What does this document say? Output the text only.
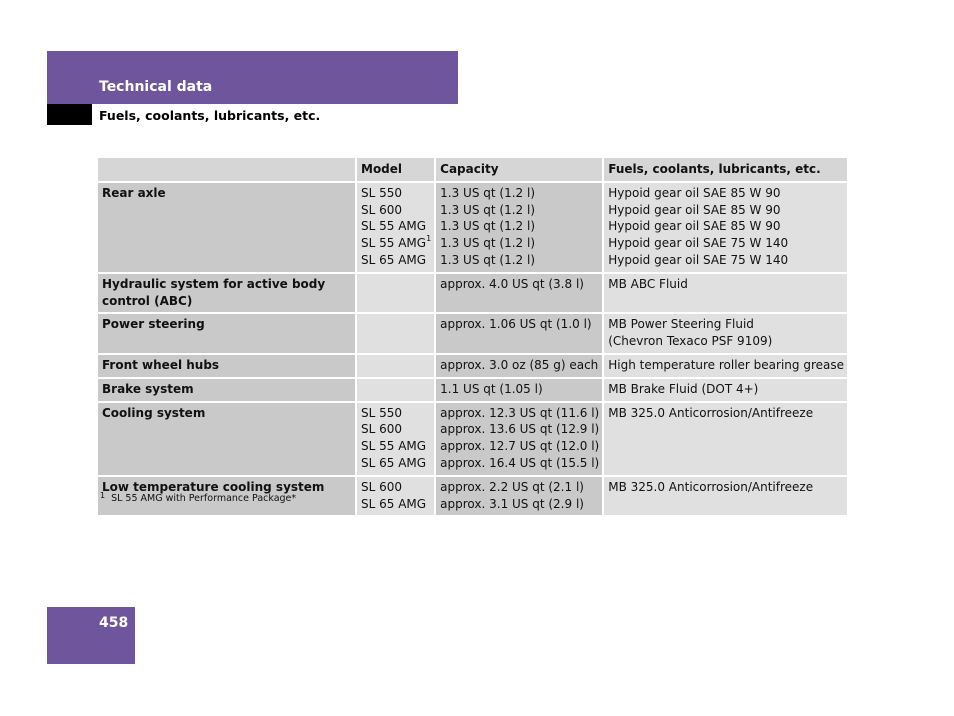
Technical data
Fuels, coolants, lubricants, etc.
	Model	Capacity	Fuels, coolants, lubricants, etc.
Rear axle	SL 550
SL 600
SL 55 AMG
SL 55 AMG$^1$
SL 65 AMG	1.3 US qt (1.2 l)
1.3 US qt (1.2 l)
1.3 US qt (1.2 l)
1.3 US qt (1.2 l)
1.3 US qt (1.2 l)	Hypoid gear oil SAE 85 W 90
Hypoid gear oil SAE 85 W 90
Hypoid gear oil SAE 85 W 90
Hypoid gear oil SAE 75 W 140
Hypoid gear oil SAE 75 W 140

Hydraulic system for active body control (ABC)		approx. 4.0 US qt (3.8 l)	MB ABC Fluid

Power steering		approx. 1.06 US qt (1.0 l)	MB Power Steering Fluid
(Chevron Texaco PSF 9109)

Front wheel hubs		approx. 3.0 oz (85 g) each	High temperature roller bearing grease

Brake system		1.1 US qt (1.05 l)	MB Brake Fluid (DOT 4+)

Cooling system	SL 550
SL 600
SL 55 AMG
SL 65 AMG	approx. 12.3 US qt (11.6 l)
approx. 13.6 US qt (12.9 l)
approx. 12.7 US qt (12.0 l)
approx. 16.4 US qt (15.5 l)	MB 325.0 Anticorrosion/Antifreeze

Low temperature cooling system	SL 600
SL 65 AMG	approx. 2.2 US qt (2.1 l)
approx. 3.1 US qt (2.9 l)	MB 325.0 Anticorrosion/Antifreeze
$^1$ SL 55 AMG with Performance Package*
458
